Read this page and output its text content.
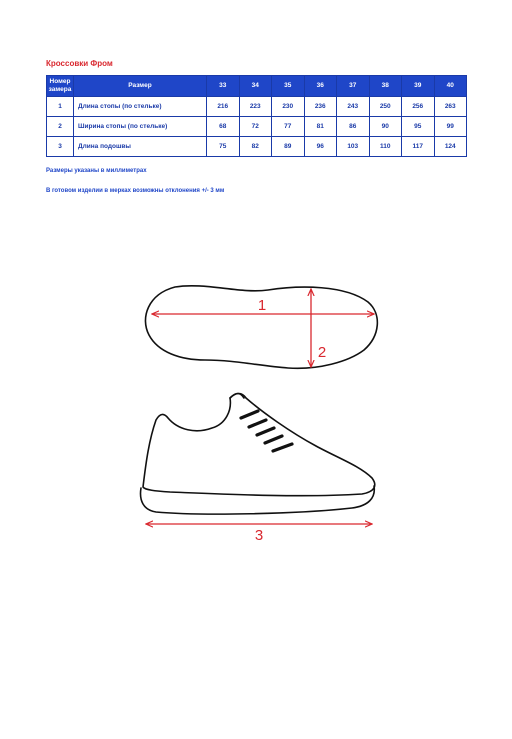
Кроссовки Фром
Номер
замера	Размер	33	34	35	36	37	38	39	40
1	Длина стопы (по стельке)	216	223	230	236	243	250	256	263
2	Ширина стопы (по стельке)	68	72	77	81	86	90	95	99
3	Длина подошвы	75	82	89	96	103	110	117	124
Размеры указаны в миллиметрах
В готовом изделии в мерках возможны отклонения +/- 3 мм
1
2
3
